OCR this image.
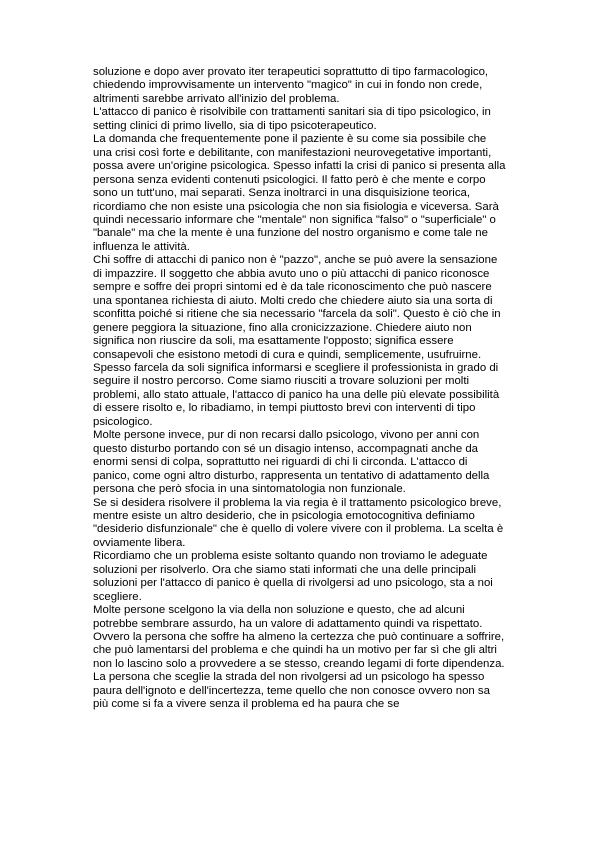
soluzione e dopo aver provato iter terapeutici soprattutto di tipo farmacologico, chiedendo improvvisamente un intervento "magico" in cui in fondo non crede, altrimenti sarebbe arrivato all'inizio del problema.

L'attacco di panico è risolvibile con trattamenti sanitari sia di tipo psicologico, in setting clinici di primo livello, sia di tipo psicoterapeutico.

La domanda che frequentemente pone il paziente è su come sia possibile che una crisi così forte e debilitante, con manifestazioni neurovegetative importanti, possa avere un'origine psicologica. Spesso infatti la crisi di panico si presenta alla persona senza evidenti contenuti psicologici. Il fatto però è che mente e corpo sono un tutt'uno, mai separati. Senza inoltrarci in una disquisizione teorica, ricordiamo che non esiste una psicologia che non sia fisiologia e viceversa. Sarà quindi necessario informare che "mentale" non significa "falso" o "superficiale" o "banale" ma che la mente è una funzione del nostro organismo e come tale ne influenza le attività.

Chi soffre di attacchi di panico non è "pazzo", anche se può avere la sensazione di impazzire. Il soggetto che abbia avuto uno o più attacchi di panico riconosce sempre e soffre dei propri sintomi ed è da tale riconoscimento che può nascere una spontanea richiesta di aiuto. Molti credo che chiedere aiuto sia una sorta di sconfitta poiché si ritiene che sia necessario "farcela da soli". Questo è ciò che in genere peggiora la situazione, fino alla cronicizzazione. Chiedere aiuto non significa non riuscire da soli, ma esattamente l'opposto; significa essere consapevoli che esistono metodi di cura e quindi, semplicemente, usufruirne. Spesso farcela da soli significa informarsi e scegliere il professionista in grado di seguire il nostro percorso. Come siamo riusciti a trovare soluzioni per molti problemi, allo stato attuale, l'attacco di panico ha una delle più elevate possibilità di essere risolto e, lo ribadiamo, in tempi piuttosto brevi con interventi di tipo psicologico.

Molte persone invece, pur di non recarsi dallo psicologo, vivono per anni con questo disturbo portando con sé un disagio intenso, accompagnati anche da enormi sensi di colpa, soprattutto nei riguardi di chi li circonda. L'attacco di panico, come ogni altro disturbo, rappresenta un tentativo di adattamento della persona che però sfocia in una sintomatologia non funzionale.

Se si desidera risolvere il problema la via regia è il trattamento psicologico breve, mentre esiste un altro desiderio, che in psicologia emotocognitiva definiamo "desiderio disfunzionale" che è quello di volere vivere con il problema. La scelta è ovviamente libera.

Ricordiamo che un problema esiste soltanto quando non troviamo le adeguate soluzioni per risolverlo. Ora che siamo stati informati che una delle principali soluzioni per l'attacco di panico è quella di rivolgersi ad uno psicologo, sta a noi scegliere.

Molte persone scelgono la via della non soluzione e questo, che ad alcuni potrebbe sembrare assurdo, ha un valore di adattamento quindi va rispettato. Ovvero la persona che soffre ha almeno la certezza che può continuare a soffrire, che può lamentarsi del problema e che quindi ha un motivo per far sì che gli altri non lo lascino solo a provvedere a se stesso, creando legami di forte dipendenza.

La persona che sceglie la strada del non rivolgersi ad un psicologo ha spesso paura dell'ignoto e dell'incertezza, teme quello che non conosce ovvero non sa più come si fa a vivere senza il problema ed ha paura che se
